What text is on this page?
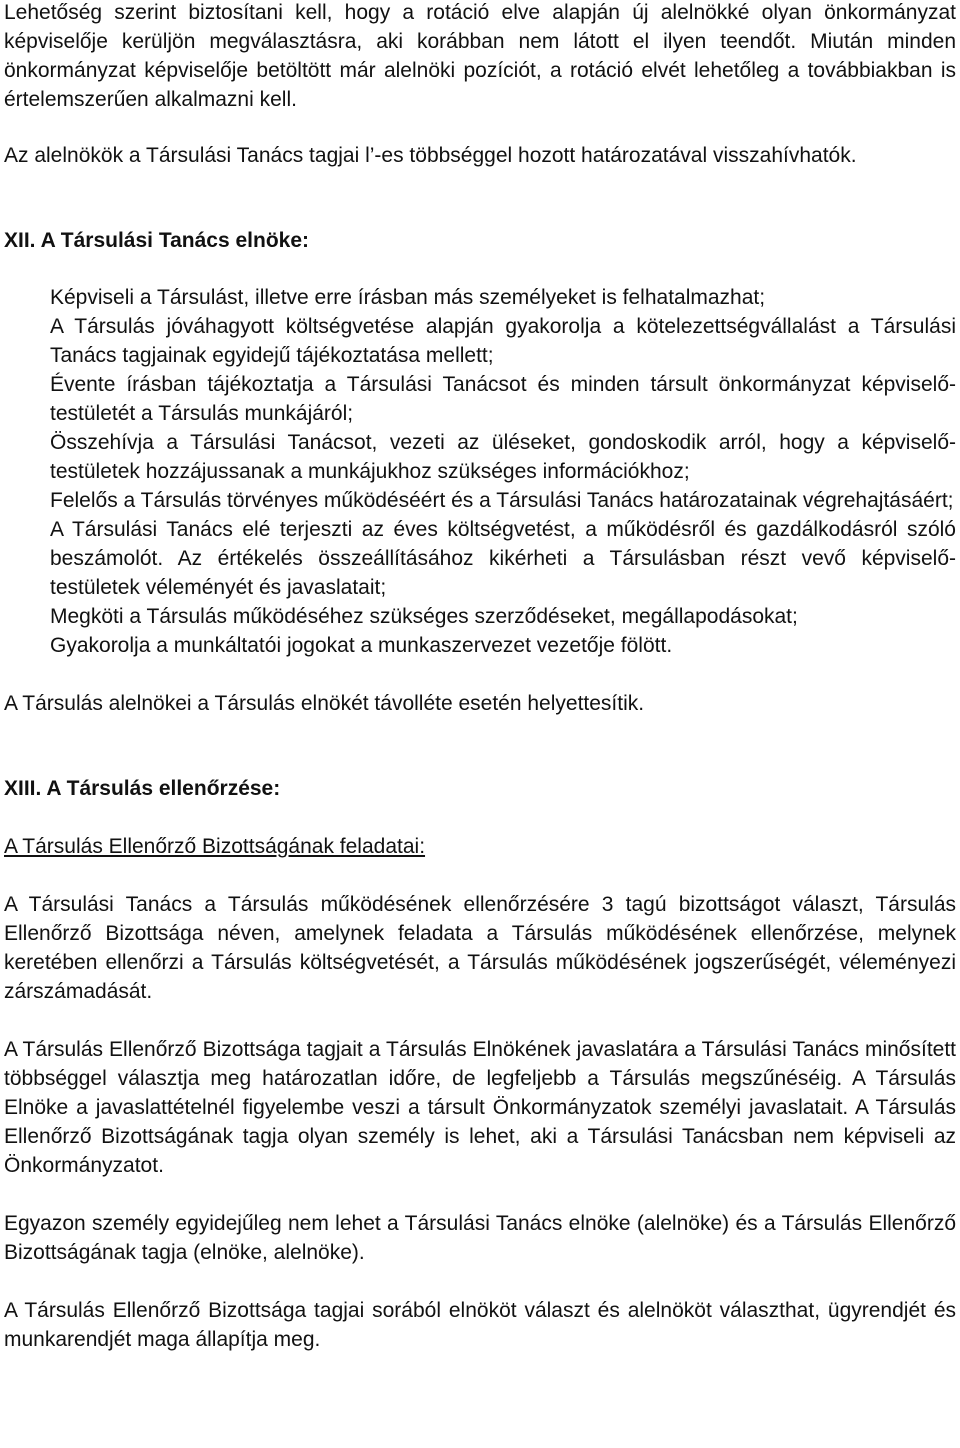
Lehetőség szerint biztosítani kell, hogy a rotáció elve alapján új alelnökké olyan önkormányzat képviselője kerüljön megválasztásra, aki korábban nem látott el ilyen teendőt. Miután minden önkormányzat képviselője betöltött már alelnöki pozíciót, a rotáció elvét lehetőleg a továbbiakban is értelemszerűen alkalmazni kell.

Az alelnökök a Társulási Tanács tagjai l’-es többséggel hozott határozatával visszahívhatók.

XII. A Társulási Tanács elnöke:

Képviseli a Társulást, illetve erre írásban más személyeket is felhatalmazhat;

A Társulás jóváhagyott költségvetése alapján gyakorolja a kötelezettségvállalást a Társulási Tanács tagjainak egyidejű tájékoztatása mellett;

Évente írásban tájékoztatja a Társulási Tanácsot és minden társult önkormányzat képviselő-testületét a Társulás munkájáról;

Összehívja a Társulási Tanácsot, vezeti az üléseket, gondoskodik arról, hogy a képviselő-testületek hozzájussanak a munkájukhoz szükséges információkhoz;

Felelős a Társulás törvényes működéséért és a Társulási Tanács határozatainak végrehajtásáért;

A Társulási Tanács elé terjeszti az éves költségvetést, a működésről és gazdálkodásról szóló beszámolót. Az értékelés összeállításához kikérheti a Társulásban részt vevő képviselő-testületek véleményét és javaslatait;

Megköti a Társulás működéséhez szükséges szerződéseket, megállapodásokat;

Gyakorolja a munkáltatói jogokat a munkaszervezet vezetője fölött.

A Társulás alelnökei a Társulás elnökét távolléte esetén helyettesítik.

XIII. A Társulás ellenőrzése:

A Társulás Ellenőrző Bizottságának feladatai:

A Társulási Tanács a Társulás működésének ellenőrzésére 3 tagú bizottságot választ, Társulás Ellenőrző Bizottsága néven, amelynek feladata a Társulás működésének ellenőrzése, melynek keretében ellenőrzi a Társulás költségvetését, a Társulás működésének jogszerűségét, véleményezi zárszámadását.

A Társulás Ellenőrző Bizottsága tagjait a Társulás Elnökének javaslatára a Társulási Tanács minősített többséggel választja meg határozatlan időre, de legfeljebb a Társulás megszűnéséig. A Társulás Elnöke a javaslattételnél figyelembe veszi a társult Önkormányzatok személyi javaslatait. A Társulás Ellenőrző Bizottságának tagja olyan személy is lehet, aki a Társulási Tanácsban nem képviseli az Önkormányzatot.

Egyazon személy egyidejűleg nem lehet a Társulási Tanács elnöke (alelnöke) és a Társulás Ellenőrző Bizottságának tagja (elnöke, alelnöke).

A Társulás Ellenőrző Bizottsága tagjai sorából elnököt választ és alelnököt választhat, ügyrendjét és munkarendjét maga állapítja meg.
